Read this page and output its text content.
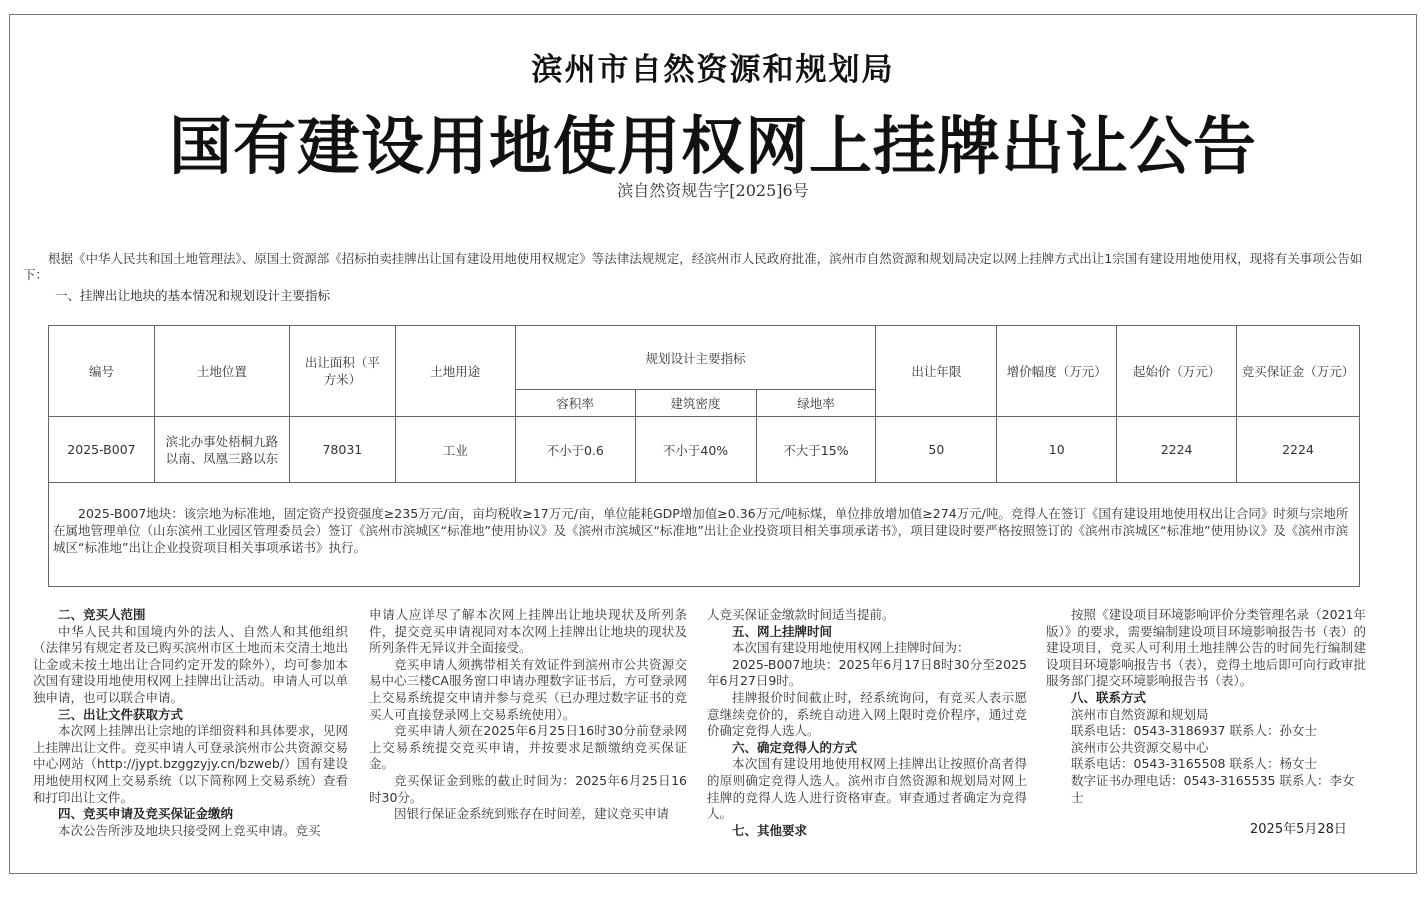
滨州市自然资源和规划局
国有建设用地使用权网上挂牌出让公告
滨自然资规告字[2025]6号
根据《中华人民共和国土地管理法》、原国土资源部《招标拍卖挂牌出让国有建设用地使用权规定》等法律法规规定，经滨州市人民政府批准，滨州市自然资源和规划局决定以网上挂牌方式出让1宗国有建设用地使用权，现将有关事项公告如下：
一、挂牌出让地块的基本情况和规划设计主要指标
编号	土地位置	出让面积（平方米）	土地用途	规划设计主要指标			出让年限	增价幅度（万元）	起始价（万元）	竞买保证金（万元）
				容积率	建筑密度	绿地率				
2025-B007	滨北办事处梧桐九路以南、凤凰三路以东	78031	工业	不小于0.6	不小于40%	不大于15%	50	10	2224	2224
2025-B007地块：该宗地为标准地，固定资产投资强度≥235万元/亩，亩均税收≥17万元/亩，单位能耗GDP增加值≥0.36万元/吨标煤，单位排放增加值≥274万元/吨。竞得人在签订《国有建设用地使用权出让合同》时须与宗地所在属地管理单位（山东滨州工业园区管理委员会）签订《滨州市滨城区“标准地”使用协议》及《滨州市滨城区“标准地”出让企业投资项目相关事项承诺书》，项目建设时要严格按照签订的《滨州市滨城区“标准地”使用协议》及《滨州市滨城区“标准地”出让企业投资项目相关事项承诺书》执行。										
二、竞买人范围

中华人民共和国境内外的法人、自然人和其他组织（法律另有规定者及已购买滨州市区土地而未交清土地出让金或未按土地出让合同约定开发的除外），均可参加本次国有建设用地使用权网上挂牌出让活动。申请人可以单独申请，也可以联合申请。

三、出让文件获取方式

本次网上挂牌出让宗地的详细资料和具体要求，见网上挂牌出让文件。竞买申请人可登录滨州市公共资源交易中心网站（http://jypt.bzggzyjy.cn/bzweb/）国有建设用地使用权网上交易系统（以下简称网上交易系统）查看和打印出让文件。

四、竞买申请及竞买保证金缴纳

本次公告所涉及地块只接受网上竞买申请。竞买

申请人应详尽了解本次网上挂牌出让地块现状及所列条件，提交竞买申请视同对本次网上挂牌出让地块的现状及所列条件无异议并全面接受。

竞买申请人须携带相关有效证件到滨州市公共资源交易中心三楼CA服务窗口申请办理数字证书后，方可登录网上交易系统提交申请并参与竞买（已办理过数字证书的竞买人可直接登录网上交易系统使用）。

竞买申请人须在2025年6月25日16时30分前登录网上交易系统提交竞买申请，并按要求足额缴纳竞买保证金。

竞买保证金到账的截止时间为：2025年6月25日16时30分。

因银行保证金系统到账存在时间差，建议竞买申请

人竞买保证金缴款时间适当提前。

五、网上挂牌时间

本次国有建设用地使用权网上挂牌时间为：

2025-B007地块：2025年6月17日8时30分至2025年6月27日9时。

挂牌报价时间截止时，经系统询问，有竞买人表示愿意继续竞价的，系统自动进入网上限时竞价程序，通过竞价确定竞得人选人。

六、确定竞得人的方式

本次国有建设用地使用权网上挂牌出让按照价高者得的原则确定竞得人选人。滨州市自然资源和规划局对网上挂牌的竞得人选人进行资格审查。审查通过者确定为竞得人。

七、其他要求

按照《建设项目环境影响评价分类管理名录（2021年版）》的要求，需要编制建设项目环境影响报告书（表）的建设项目，竞买人可利用土地挂牌公告的时间先行编制建设项目环境影响报告书（表），竞得土地后即可向行政审批服务部门提交环境影响报告书（表）。

八、联系方式
滨州市自然资源和规划局
联系电话：0543-3186937 联系人：孙女士
滨州市公共资源交易中心
联系电话：0543-3165508 联系人：杨女士
数字证书办理电话：0543-3165535 联系人：李女士
2025年5月28日
